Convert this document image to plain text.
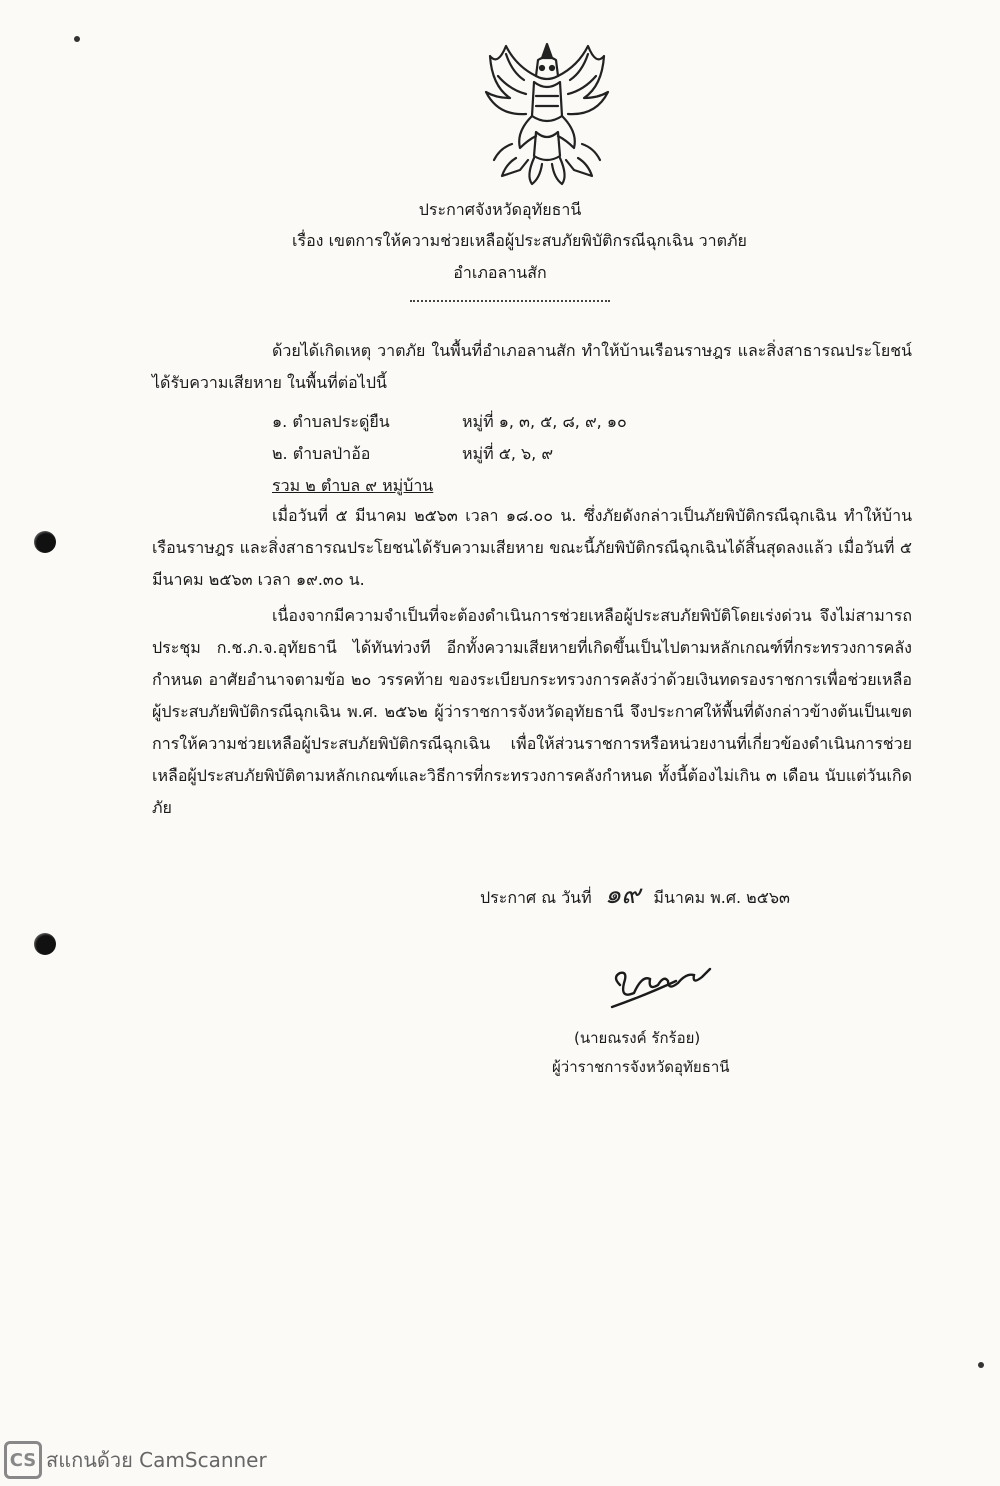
ประกาศจังหวัดอุทัยธานี
เรื่อง เขตการให้ความช่วยเหลือผู้ประสบภัยพิบัติกรณีฉุกเฉิน วาตภัย
อำเภอลานสัก
ด้วยได้เกิดเหตุ วาตภัย ในพื้นที่อำเภอลานสัก ทำให้บ้านเรือนราษฎร และสิ่งสาธารณประโยชน์ได้รับความเสียหาย ในพื้นที่ต่อไปนี้
๑. ตำบลประดู่ยืน	หมู่ที่ ๑, ๓, ๕, ๘, ๙, ๑๐
๒. ตำบลป่าอ้อ	หมู่ที่ ๕, ๖, ๙
รวม ๒ ตำบล ๙ หมู่บ้าน
เมื่อวันที่ ๕ มีนาคม ๒๕๖๓ เวลา ๑๘.๐๐ น. ซึ่งภัยดังกล่าวเป็นภัยพิบัติกรณีฉุกเฉิน ทำให้บ้านเรือนราษฎร และสิ่งสาธารณประโยชนได้รับความเสียหาย ขณะนี้ภัยพิบัติกรณีฉุกเฉินได้สิ้นสุดลงแล้ว เมื่อวันที่ ๕ มีนาคม ๒๕๖๓ เวลา ๑๙.๓๐ น.
เนื่องจากมีความจำเป็นที่จะต้องดำเนินการช่วยเหลือผู้ประสบภัยพิบัติโดยเร่งด่วน จึงไม่สามารถประชุม ก.ช.ภ.จ.อุทัยธานี ได้ทันท่วงที อีกทั้งความเสียหายที่เกิดขึ้นเป็นไปตามหลักเกณฑ์ที่กระทรวงการคลังกำหนด อาศัยอำนาจตามข้อ ๒๐ วรรคท้าย ของระเบียบกระทรวงการคลังว่าด้วยเงินทดรองราชการเพื่อช่วยเหลือผู้ประสบภัยพิบัติกรณีฉุกเฉิน พ.ศ. ๒๕๖๒ ผู้ว่าราชการจังหวัดอุทัยธานี จึงประกาศให้พื้นที่ดังกล่าวข้างต้นเป็นเขตการให้ความช่วยเหลือผู้ประสบภัยพิบัติกรณีฉุกเฉิน เพื่อให้ส่วนราชการหรือหน่วยงานที่เกี่ยวข้องดำเนินการช่วยเหลือผู้ประสบภัยพิบัติตามหลักเกณฑ์และวิธีการที่กระทรวงการคลังกำหนด ทั้งนี้ต้องไม่เกิน ๓ เดือน นับแต่วันเกิดภัย
ประกาศ ณ วันที่ ๑๙ มีนาคม พ.ศ. ๒๕๖๓
(นายณรงค์ รักร้อย)
ผู้ว่าราชการจังหวัดอุทัยธานี
CS สแกนด้วย CamScanner
